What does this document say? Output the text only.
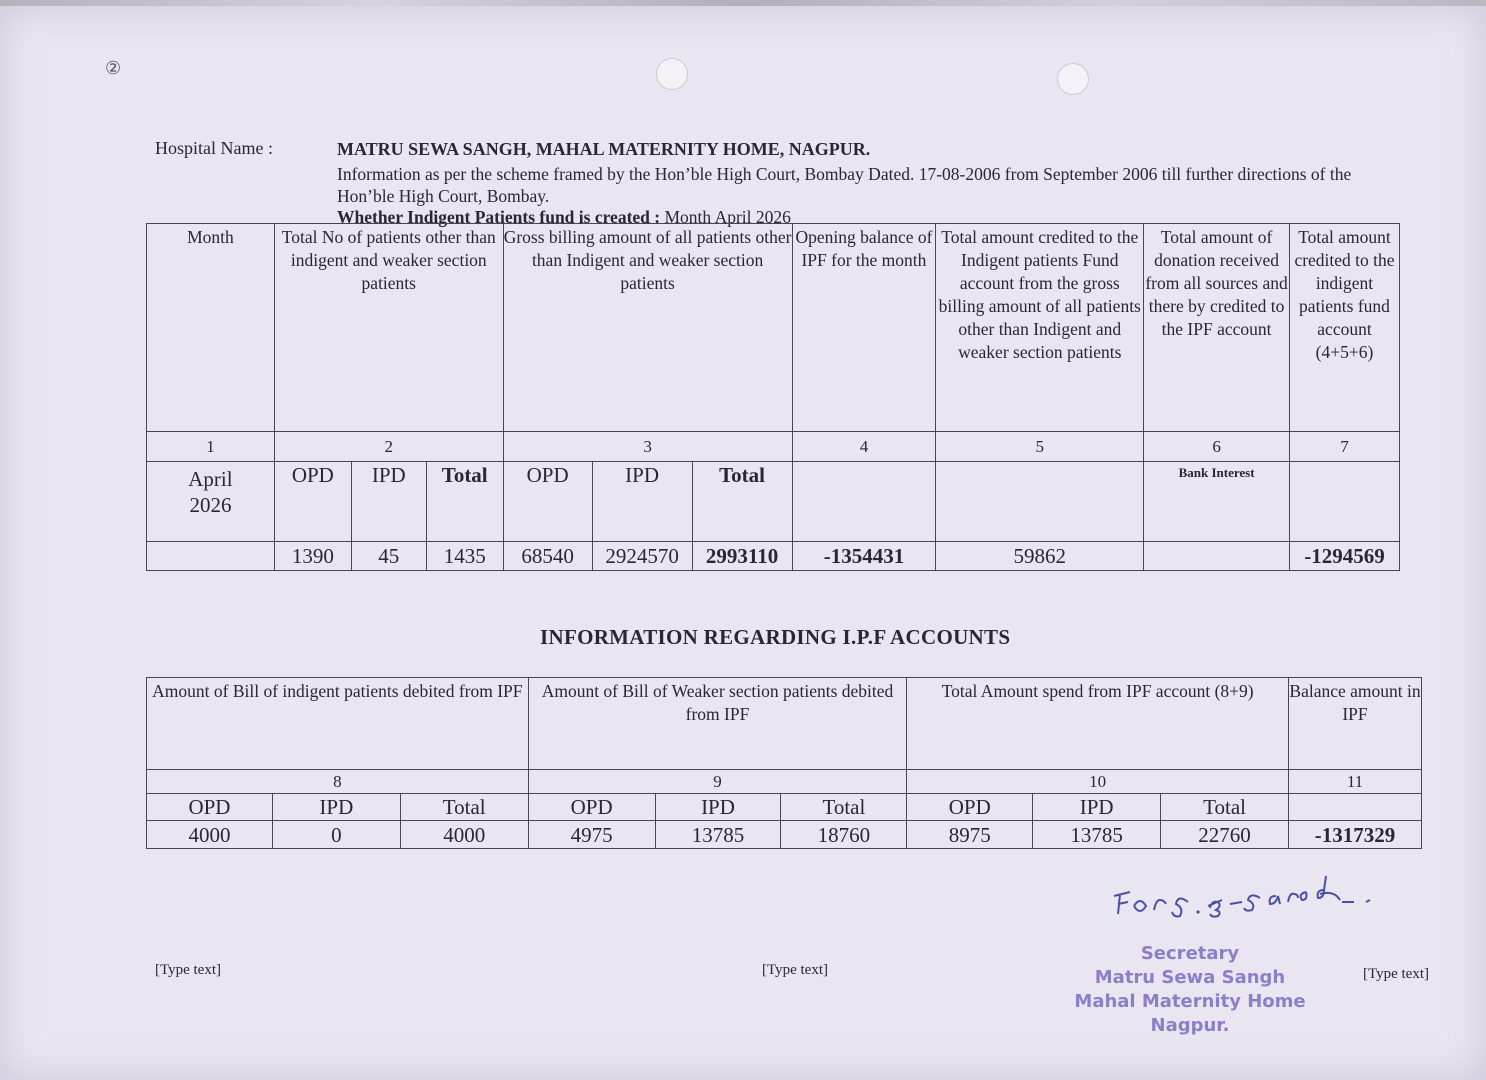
②
Hospital Name :	MATRU SEWA SANGH, MAHAL MATERNITY HOME, NAGPUR.
Information as per the scheme framed by the Hon’ble High Court, Bombay Dated. 17-08-2006 from September 2006 till further directions of the Hon’ble High Court, Bombay.
Whether Indigent Patients fund is created : Month April 2026
Month	Total No of patients other than indigent and weaker section patients			Gross billing amount of all patients other than Indigent and weaker section patients			Opening balance of IPF for the month	Total amount credited to the Indigent patients Fund account from the gross billing amount of all patients other than Indigent and weaker section patients	Total amount of donation received from all sources and there by credited to the IPF account	Total amount credited to the indigent patients fund account (4+5+6)
1	2			3			4	5	6	7

April 2026	OPD	IPD	Total	OPD	IPD	Total			Bank Interest	
	1390	45	1435	68540	2924570	2993110	-1354431	59862		-1294569
INFORMATION REGARDING I.P.F ACCOUNTS
Amount of Bill of indigent patients debited from IPF			Amount of Bill of Weaker section patients debited from IPF			Total Amount spend from IPF account (8+9)			Balance amount in IPF
8			9			10			11
OPD	IPD	Total	OPD	IPD	Total	OPD	IPD	Total	
4000	0	4000	4975	13785	18760	8975	13785	22760	-1317329
[Type text]	[Type text]	[Type text]
Secretary
Matru Sewa Sangh
Mahal Maternity Home
Nagpur.
